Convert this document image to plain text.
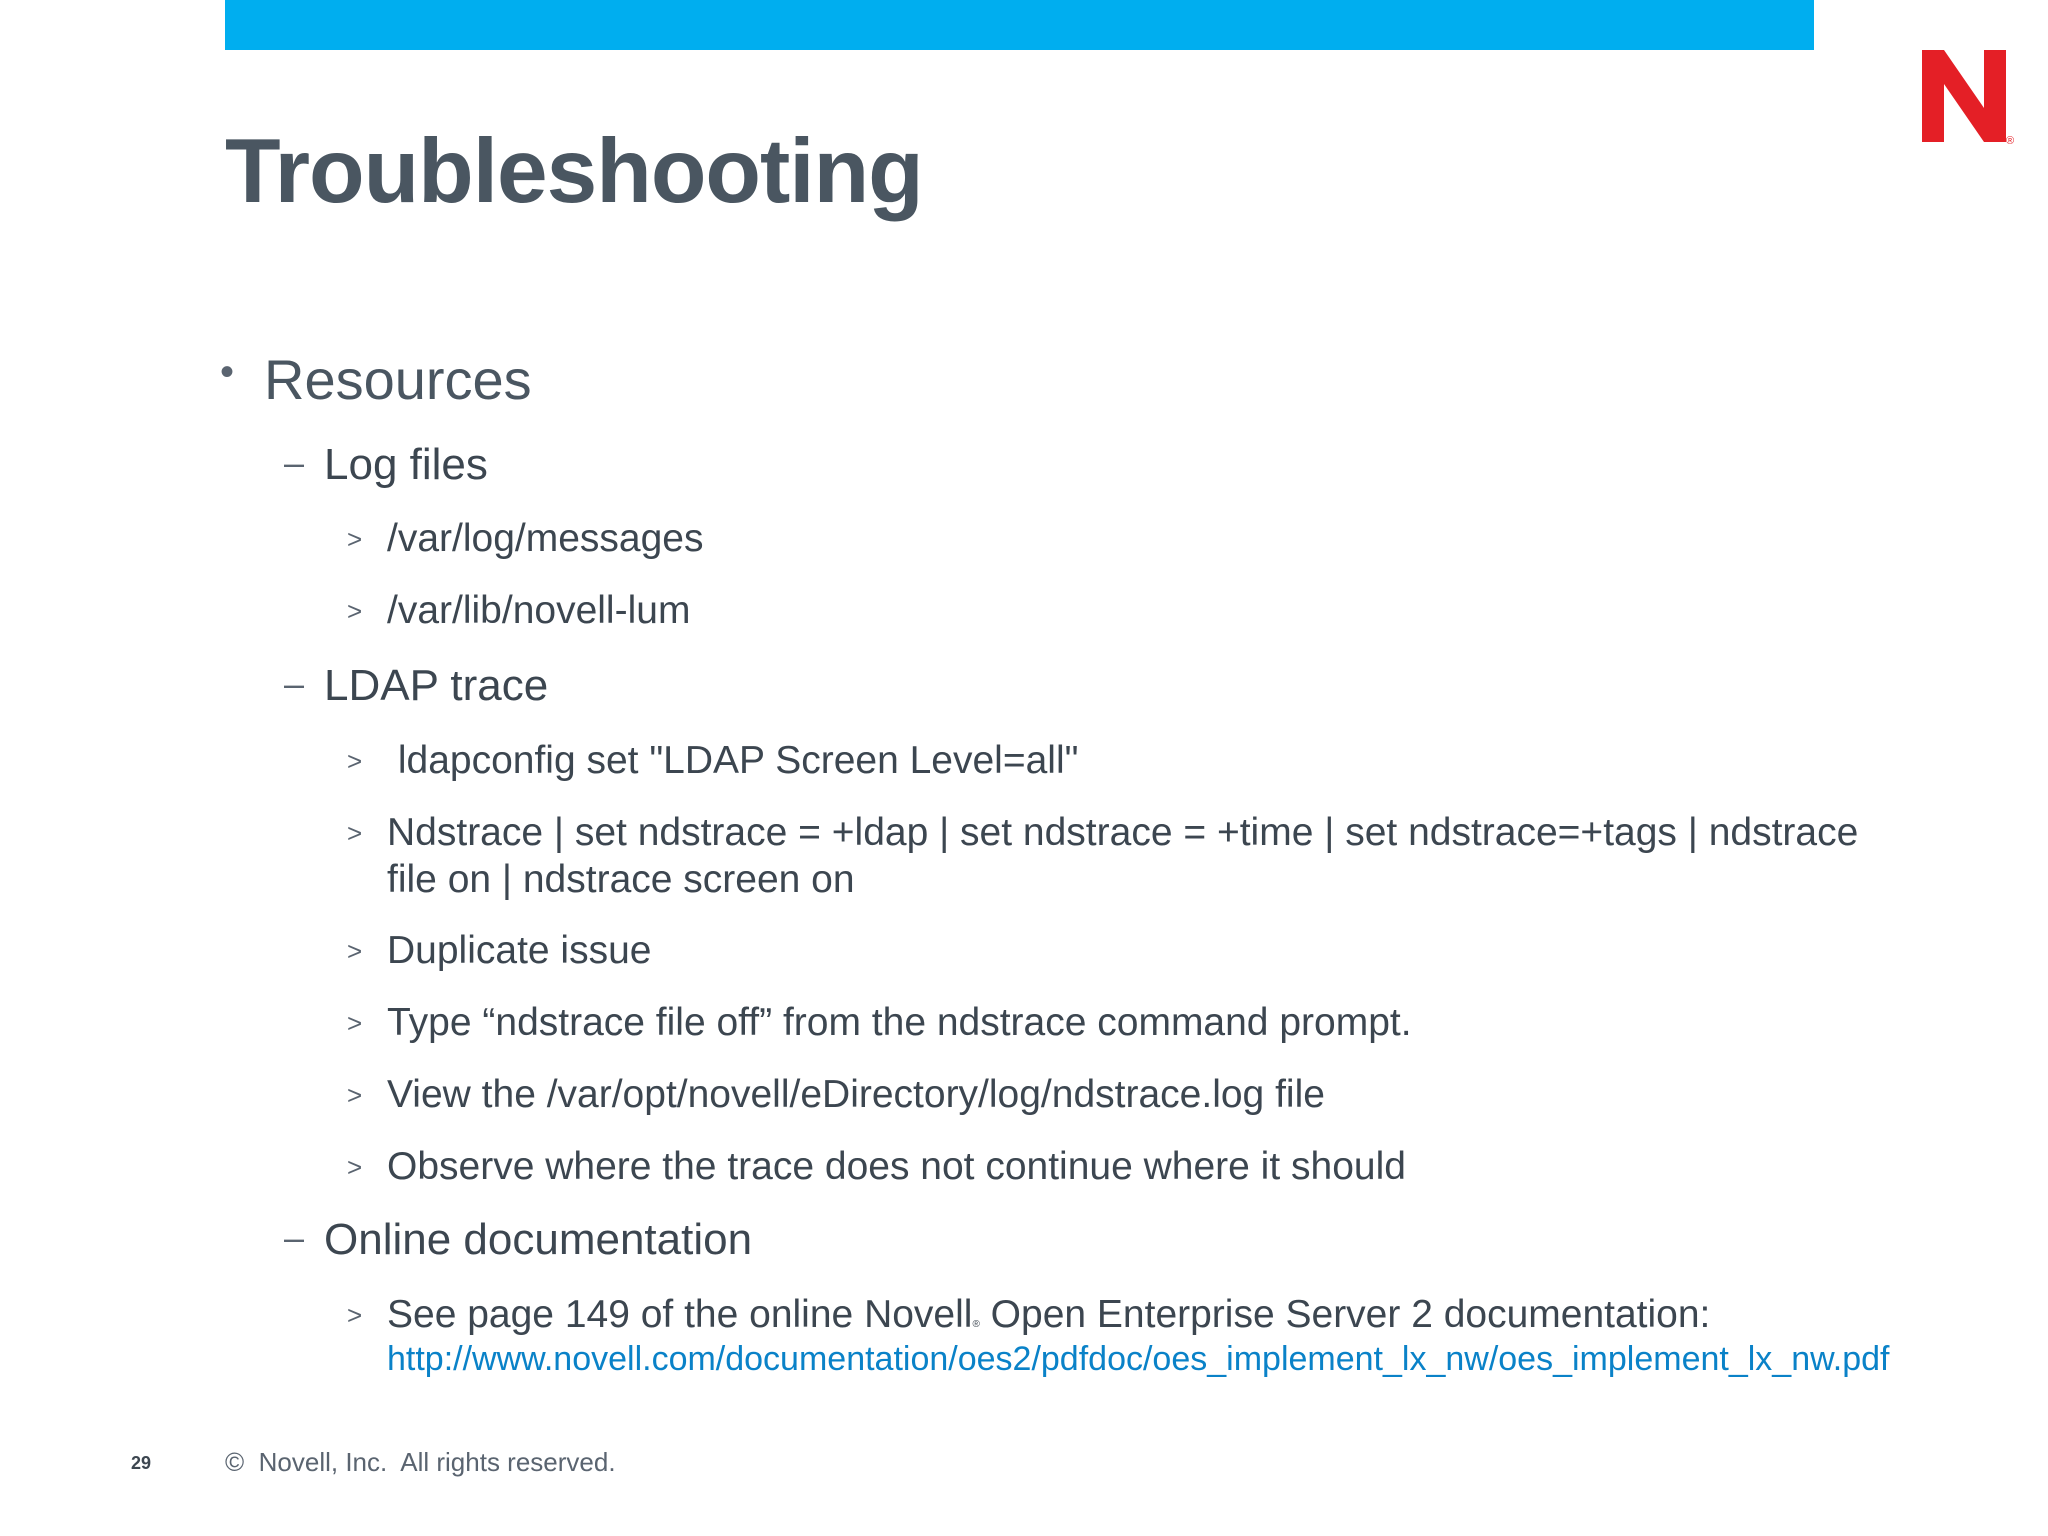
®
Troubleshooting
• Resources
– Log files
> /var/log/messages
> /var/lib/novell-lum
– LDAP trace
> ldapconfig set "LDAP Screen Level=all"
> Ndstrace | set ndstrace = +ldap | set ndstrace = +time | set ndstrace=+tags | ndstrace
file on | ndstrace screen on
> Duplicate issue
> Type “ndstrace file off” from the ndstrace command prompt.
> View the /var/opt/novell/eDirectory/log/ndstrace.log file
> Observe where the trace does not continue where it should
– Online documentation
> See page 149 of the online Novell® Open Enterprise Server 2 documentation:
http://www.novell.com/documentation/oes2/pdfdoc/oes_implement_lx_nw/oes_implement_lx_nw.pdf
29	© Novell, Inc.  All rights reserved.
